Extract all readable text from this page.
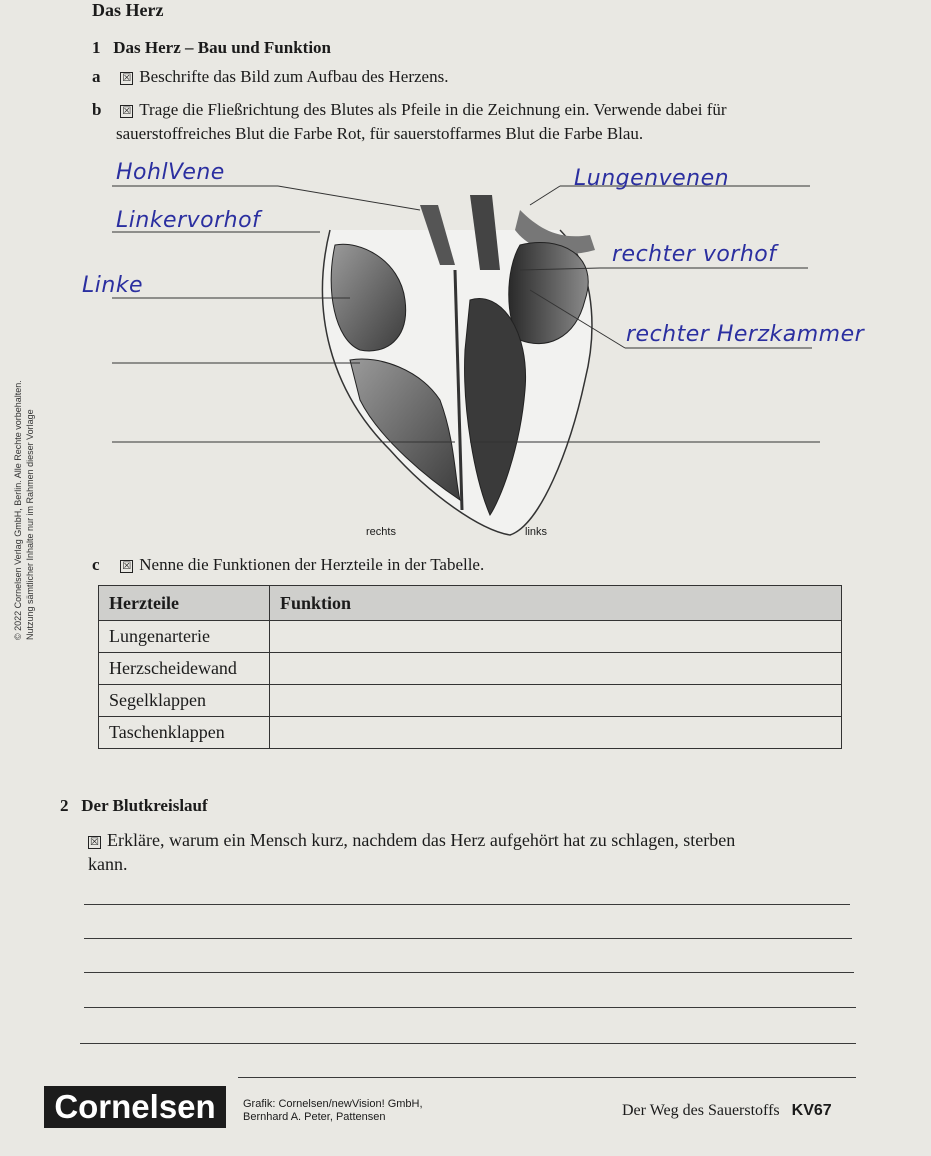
© 2022 Cornelsen Verlag GmbH, Berlin. Alle Rechte vorbehalten. Nutzung sämtlicher Inhalte nur im Rahmen dieser Vorlage
Das Herz
1 Das Herz – Bau und Funktion
a ☒ Beschrifte das Bild zum Aufbau des Herzens.
b ☒ Trage die Fließrichtung des Blutes als Pfeile in die Zeichnung ein. Verwende dabei für
sauerstoffreiches Blut die Farbe Rot, für sauerstoffarmes Blut die Farbe Blau.
HohlVene
Linkervorhof
Linke
Lungenvenen
rechter vorhof
rechter Herzkammer
rechts	links
c ☒ Nenne die Funktionen der Herzteile in der Tabelle.
Herzteile	Funktion
Lungenarterie	
Herzscheidewand	
Segelklappen	
Taschenklappen	
2 Der Blutkreislauf
☒ Erkläre, warum ein Mensch kurz, nachdem das Herz aufgehört hat zu schlagen, sterben
kann.
Cornelsen	Grafik: Cornelsen/newVision! GmbH,
Bernhard A. Peter, Pattensen	Der Weg des Sauerstoffs KV67
